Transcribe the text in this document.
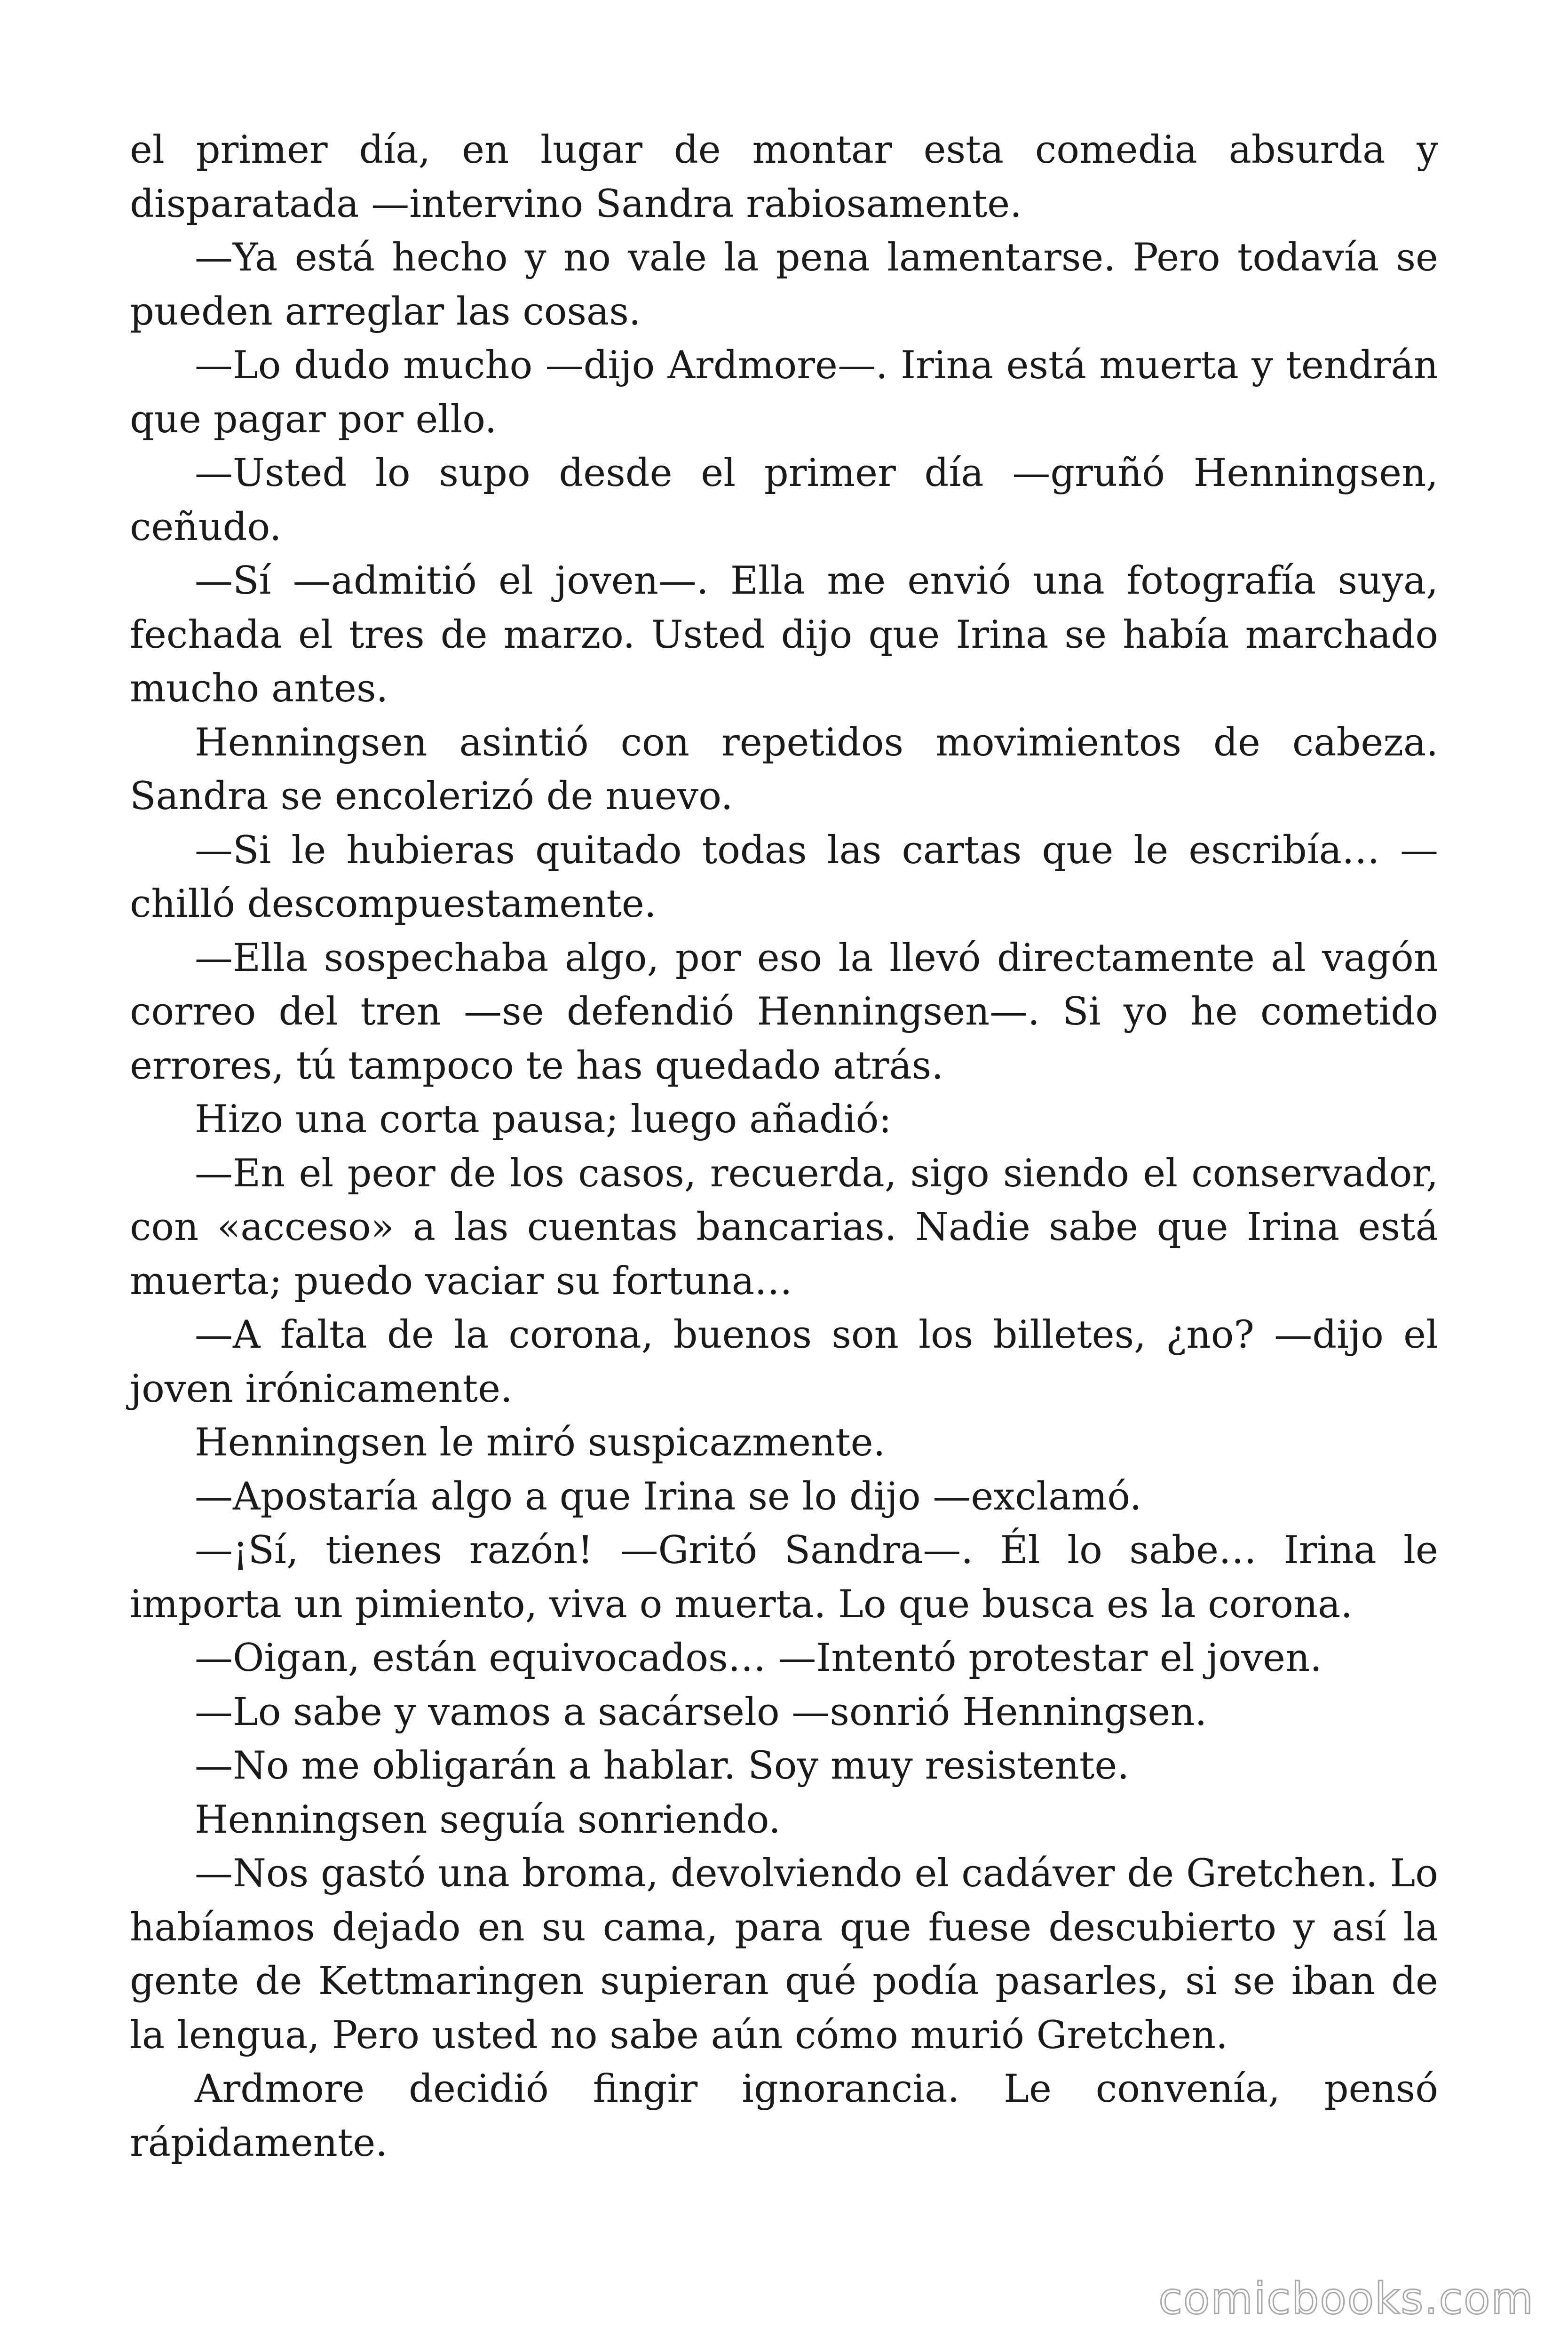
el primer día, en lugar de montar esta comedia absurda y disparatada —intervino Sandra rabiosamente.

—Ya está hecho y no vale la pena lamentarse. Pero todavía se pueden arreglar las cosas.

—Lo dudo mucho —dijo Ardmore—. Irina está muerta y tendrán que pagar por ello.

—Usted lo supo desde el primer día —gruñó Henningsen, ceñudo.

—Sí —admitió el joven—. Ella me envió una fotografía suya, fechada el tres de marzo. Usted dijo que Irina se había marchado mucho antes.

Henningsen asintió con repetidos movimientos de cabeza. Sandra se encolerizó de nuevo.

—Si le hubieras quitado todas las cartas que le escribía… —chilló descompuestamente.

—Ella sospechaba algo, por eso la llevó directamente al vagón correo del tren —se defendió Henningsen—. Si yo he cometido errores, tú tampoco te has quedado atrás.

Hizo una corta pausa; luego añadió:

—En el peor de los casos, recuerda, sigo siendo el conservador, con «acceso» a las cuentas bancarias. Nadie sabe que Irina está muerta; puedo vaciar su fortuna…

—A falta de la corona, buenos son los billetes, ¿no? —dijo el joven irónicamente.

Henningsen le miró suspicazmente.

—Apostaría algo a que Irina se lo dijo —exclamó.

—¡Sí, tienes razón! —Gritó Sandra—. Él lo sabe… Irina le importa un pimiento, viva o muerta. Lo que busca es la corona.

—Oigan, están equivocados… —Intentó protestar el joven.

—Lo sabe y vamos a sacárselo —sonrió Henningsen.

—No me obligarán a hablar. Soy muy resistente.

Henningsen seguía sonriendo.

—Nos gastó una broma, devolviendo el cadáver de Gretchen. Lo habíamos dejado en su cama, para que fuese descubierto y así la gente de Kettmaringen supieran qué podía pasarles, si se iban de la lengua, Pero usted no sabe aún cómo murió Gretchen.

Ardmore decidió fingir ignorancia. Le convenía, pensó rápidamente.

comicbooks.com
